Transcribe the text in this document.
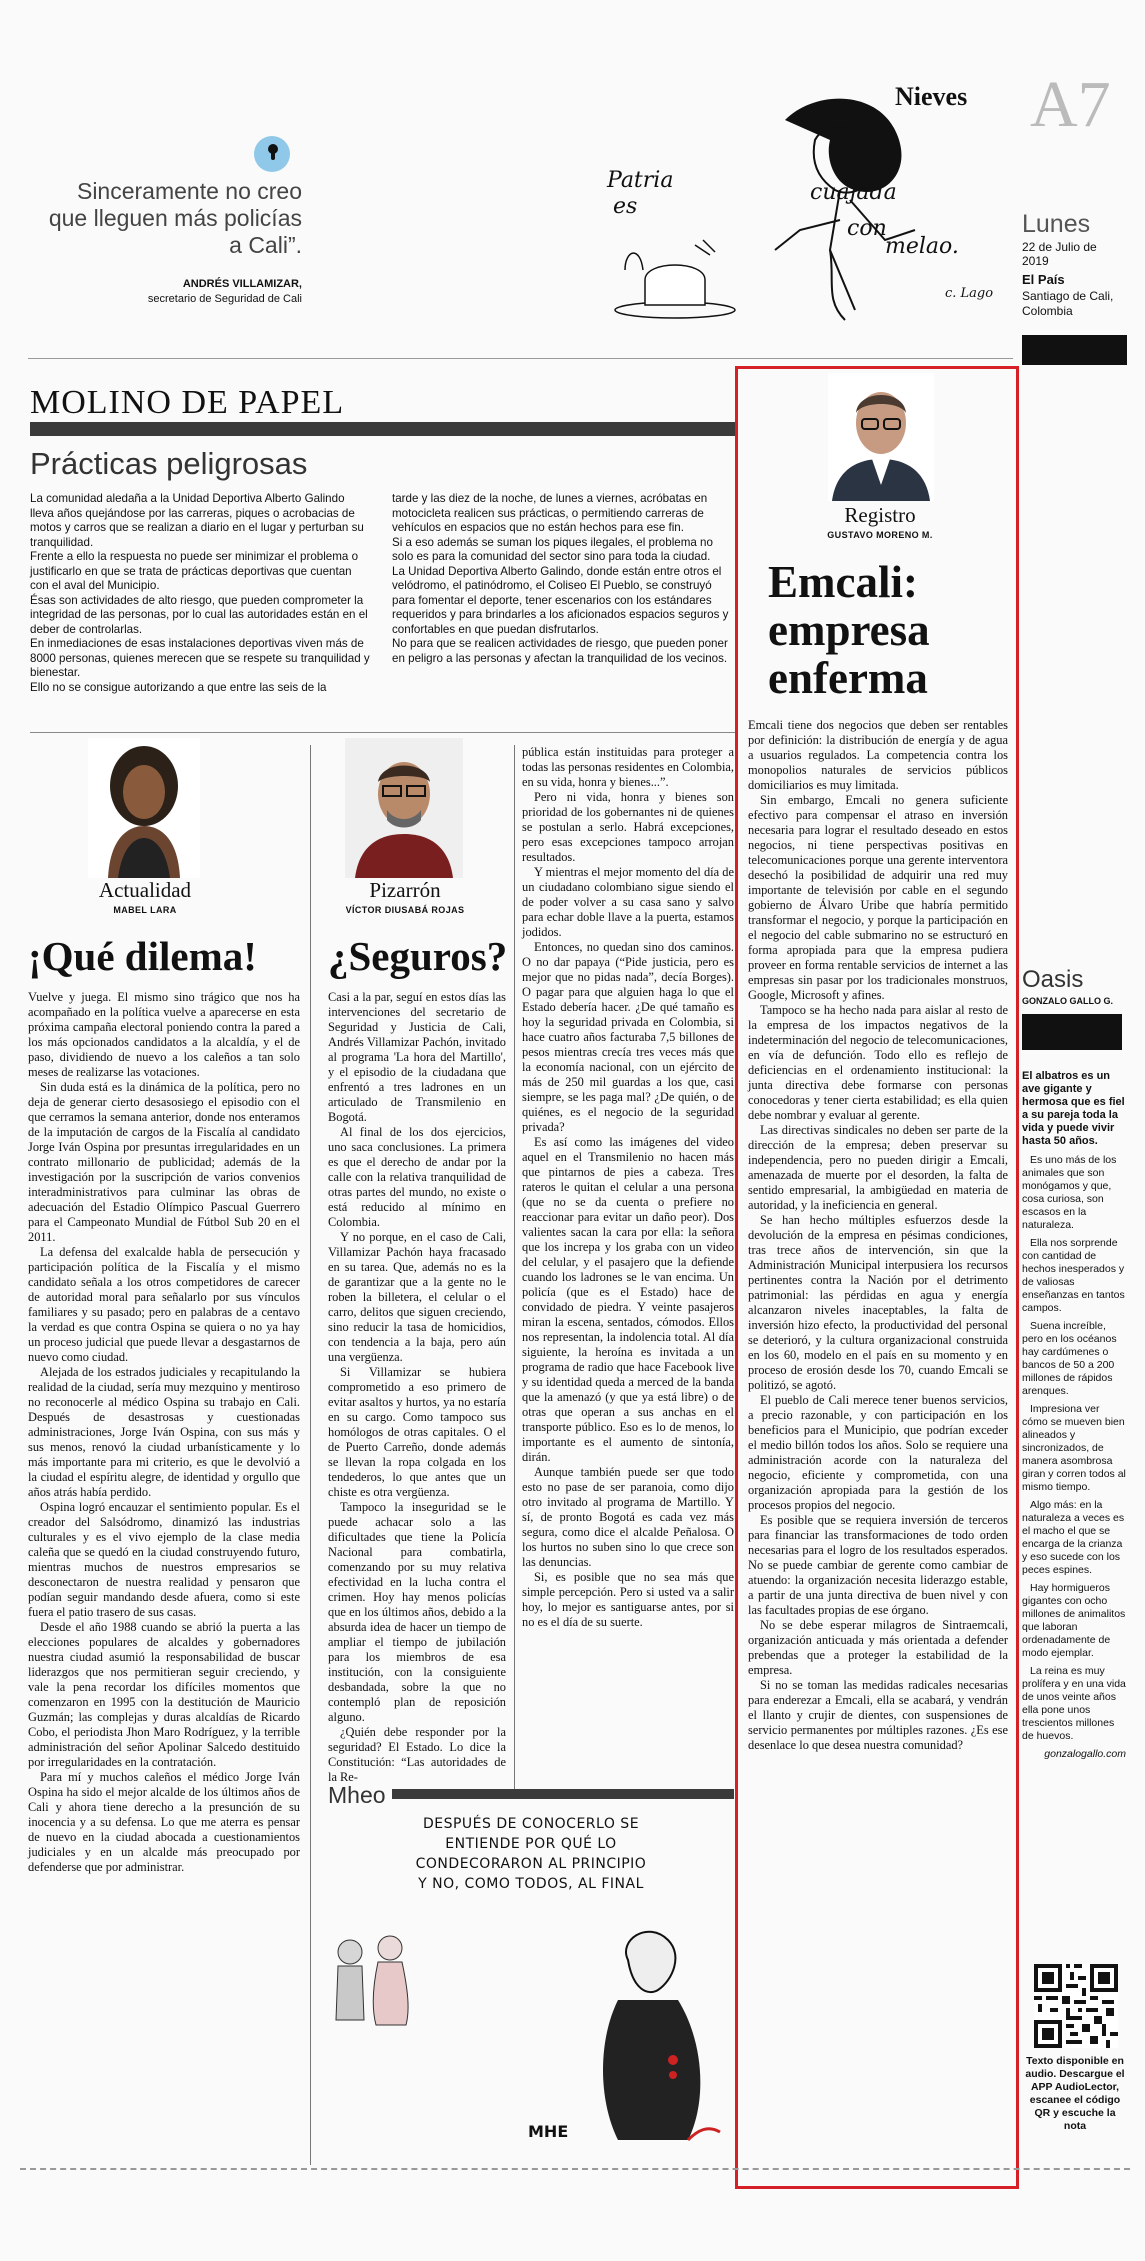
Sinceramente no creo que lleguen más policías a Cali”.
ANDRÉS VILLAMIZAR,
secretario de Seguridad de Cali
Patria
es
cuajada
con
melao.
c. Lago
Nieves A7
Lunes
22 de Julio de 2019
El País
Santiago de Cali, Colombia
MOLINO DE PAPEL
Prácticas peligrosas

La comunidad aledaña a la Unidad Deportiva Alberto Galindo lleva años quejándose por las carreras, piques o acrobacias de motos y carros que se realizan a diario en el lugar y perturban su tranquilidad.

Frente a ello la respuesta no puede ser minimizar el problema o justificarlo en que se trata de prácticas deportivas que cuentan con el aval del Municipio.

Ésas son actividades de alto riesgo, que pueden comprometer la integridad de las personas, por lo cual las autoridades están en el deber de controlarlas.

En inmediaciones de esas instalaciones deportivas viven más de 8000 personas, quienes merecen que se respete su tranquilidad y bienestar.

Ello no se consigue autorizando a que entre las seis de la

tarde y las diez de la noche, de lunes a viernes, acróbatas en motocicleta realicen sus prácticas, o permitiendo carreras de vehículos en espacios que no están hechos para ese fin.

Si a eso además se suman los piques ilegales, el problema no solo es para la comunidad del sector sino para toda la ciudad.

La Unidad Deportiva Alberto Galindo, donde están entre otros el velódromo, el patinódromo, el Coliseo El Pueblo, se construyó para fomentar el deporte, tener escenarios con los estándares requeridos y para brindarles a los aficionados espacios seguros y confortables en que puedan disfrutarlos.

No para que se realicen actividades de riesgo, que pueden poner en peligro a las personas y afectan la tranquilidad de los vecinos.

Actualidad
MABEL LARA
¡Qué dilema!

Vuelve y juega. El mismo sino trágico que nos ha acompañado en la política vuelve a aparecerse en esta próxima campaña electoral poniendo contra la pared a los más opcionados candidatos a la alcaldía, y el de paso, dividiendo de nuevo a los caleños a tan solo meses de realizarse las votaciones.

Sin duda está es la dinámica de la política, pero no deja de generar cierto desasosiego el episodio con el que cerramos la semana anterior, donde nos enteramos de la imputación de cargos de la Fiscalía al candidato Jorge Iván Ospina por presuntas irregularidades en un contrato millonario de publicidad; además de la investigación por la suscripción de varios convenios interadministrativos para culminar las obras de adecuación del Estadio Olímpico Pascual Guerrero para el Campeonato Mundial de Fútbol Sub 20 en el 2011.

La defensa del exalcalde habla de persecución y participación política de la Fiscalía y el mismo candidato señala a los otros competidores de carecer de autoridad moral para señalarlo por sus vínculos familiares y su pasado; pero en palabras de a centavo la verdad es que contra Ospina se quiera o no ya hay un proceso judicial que puede llevar a desgastarnos de nuevo como ciudad.

Alejada de los estrados judiciales y recapitulando la realidad de la ciudad, sería muy mezquino y mentiroso no reconocerle al médico Ospina su trabajo en Cali. Después de desastrosas y cuestionadas administraciones, Jorge Iván Ospina, con sus más y sus menos, renovó la ciudad urbanísticamente y lo más importante para mi criterio, es que le devolvió a la ciudad el espíritu alegre, de identidad y orgullo que años atrás había perdido.

Ospina logró encauzar el sentimiento popular. Es el creador del Salsódromo, dinamizó las industrias culturales y es el vivo ejemplo de la clase media caleña que se quedó en la ciudad construyendo futuro, mientras muchos de nuestros empresarios se desconectaron de nuestra realidad y pensaron que podían seguir mandando desde afuera, como si este fuera el patio trasero de sus casas.

Desde el año 1988 cuando se abrió la puerta a las elecciones populares de alcaldes y gobernadores nuestra ciudad asumió la responsabilidad de buscar liderazgos que nos permitieran seguir creciendo, y vale la pena recordar los difíciles momentos que comenzaron en 1995 con la destitución de Mauricio Guzmán; las complejas y duras alcaldías de Ricardo Cobo, el periodista Jhon Maro Rodríguez, y la terrible administración del señor Apolinar Salcedo destituido por irregularidades en la contratación.

Para mí y muchos caleños el médico Jorge Iván Ospina ha sido el mejor alcalde de los últimos años de Cali y ahora tiene derecho a la presunción de su inocencia y a su defensa. Lo que me aterra es pensar de nuevo en la ciudad abocada a cuestionamientos judiciales y en un alcalde más preocupado por defenderse que por administrar.

Pizarrón
VÍCTOR DIUSABÁ ROJAS
¿Seguros?

Casi a la par, seguí en estos días las intervenciones del secretario de Seguridad y Justicia de Cali, Andrés Villamizar Pachón, invitado al programa 'La hora del Martillo', y el episodio de la ciudadana que enfrentó a tres ladrones en un articulado de Transmilenio en Bogotá.

Al final de los dos ejercicios, uno saca conclusiones. La primera es que el derecho de andar por la calle con la relativa tranquilidad de otras partes del mundo, no existe o está reducido al mínimo en Colombia.

Y no porque, en el caso de Cali, Villamizar Pachón haya fracasado en su tarea. Que, además no es la de garantizar que a la gente no le roben la billetera, el celular o el carro, delitos que siguen creciendo, sino reducir la tasa de homicidios, con tendencia a la baja, pero aún una vergüenza.

Si Villamizar se hubiera comprometido a eso primero de evitar asaltos y hurtos, ya no estaría en su cargo. Como tampoco sus homólogos de otras capitales. O el de Puerto Carreño, donde además se llevan la ropa colgada en los tendederos, lo que antes que un chiste es otra vergüenza.

Tampoco la inseguridad se le puede achacar solo a las dificultades que tiene la Policía Nacional para combatirla, comenzando por su muy relativa efectividad en la lucha contra el crimen. Hoy hay menos policías que en los últimos años, debido a la absurda idea de hacer un tiempo de ampliar el tiempo de jubilación para los miembros de esa institución, con la consiguiente desbandada, sobre la que no contempló plan de reposición alguno.

¿Quién debe responder por la seguridad? El Estado. Lo dice la Constitución: “Las autoridades de la Re-

pública están instituidas para proteger a todas las personas residentes en Colombia, en su vida, honra y bienes...”.

Pero ni vida, honra y bienes son prioridad de los gobernantes ni de quienes se postulan a serlo. Habrá excepciones, pero esas excepciones tampoco arrojan resultados.

Y mientras el mejor momento del día de un ciudadano colombiano sigue siendo el de poder volver a su casa sano y salvo para echar doble llave a la puerta, estamos jodidos.

Entonces, no quedan sino dos caminos. O no dar papaya (“Pide justicia, pero es mejor que no pidas nada”, decía Borges). O pagar para que alguien haga lo que el Estado debería hacer. ¿De qué tamaño es hoy la seguridad privada en Colombia, si hace cuatro años facturaba 7,5 billones de pesos mientras crecía tres veces más que la economía nacional, con un ejército de más de 250 mil guardas a los que, casi siempre, se les paga mal? ¿De quién, o de quiénes, es el negocio de la seguridad privada?

Es así como las imágenes del video aquel en el Transmilenio no hacen más que pintarnos de pies a cabeza. Tres rateros le quitan el celular a una persona (que no se da cuenta o prefiere no reaccionar para evitar un daño peor). Dos valientes sacan la cara por ella: la señora que los increpa y los graba con un video del celular, y el pasajero que la defiende cuando los ladrones se le van encima. Un policía (que es el Estado) hace de convidado de piedra. Y veinte pasajeros miran la escena, sentados, cómodos. Ellos nos representan, la indolencia total. Al día siguiente, la heroína es invitada a un programa de radio que hace Facebook live y su identidad queda a merced de la banda que la amenazó (y que ya está libre) o de otras que operan a sus anchas en el transporte público. Eso es lo de menos, lo importante es el aumento de sintonía, dirán.

Aunque también puede ser que todo esto no pase de ser paranoia, como dijo otro invitado al programa de Martillo. Y sí, de pronto Bogotá es cada vez más segura, como dice el alcalde Peñalosa. O los hurtos no suben sino lo que crece son las denuncias.

Si, es posible que no sea más que simple percepción. Pero si usted va a salir hoy, lo mejor es santiguarse antes, por si no es el día de su suerte.

Mheo
DESPUÉS DE CONOCERLO SE
ENTIENDE POR QUÉ LO
CONDECORARON AL PRINCIPIO
Y NO, COMO TODOS, AL FINAL
MHE
Registro
GUSTAVO MORENO M.
Emcali:
empresa
enferma

Emcali tiene dos negocios que deben ser rentables por definición: la distribución de energía y de agua a usuarios regulados. La competencia contra los monopolios naturales de servicios públicos domiciliarios es muy limitada.

Sin embargo, Emcali no genera suficiente efectivo para compensar el atraso en inversión necesaria para lograr el resultado deseado en estos negocios, ni tiene perspectivas positivas en telecomunicaciones porque una gerente interventora desechó la posibilidad de adquirir una red muy importante de televisión por cable en el segundo gobierno de Álvaro Uribe que habría permitido transformar el negocio, y porque la participación en el negocio del cable submarino no se estructuró en forma apropiada para que la empresa pudiera proveer en forma rentable servicios de internet a las empresas sin pasar por los tradicionales monstruos, Google, Microsoft y afines.

Tampoco se ha hecho nada para aislar al resto de la empresa de los impactos negativos de la indeterminación del negocio de telecomunicaciones, en vía de defunción. Todo ello es reflejo de deficiencias en el ordenamiento institucional: la junta directiva debe formarse con personas conocedoras y tener cierta estabilidad; es ella quien debe nombrar y evaluar al gerente.

Las directivas sindicales no deben ser parte de la dirección de la empresa; deben preservar su independencia, pero no pueden dirigir a Emcali, amenazada de muerte por el desorden, la falta de sentido empresarial, la ambigüedad en materia de autoridad, y la ineficiencia en general.

Se han hecho múltiples esfuerzos desde la devolución de la empresa en pésimas condiciones, tras trece años de intervención, sin que la Administración Municipal interpusiera los recursos pertinentes contra la Nación por el detrimento patrimonial: las pérdidas en agua y energía alcanzaron niveles inaceptables, la falta de inversión hizo efecto, la productividad del personal se deterioró, y la cultura organizacional construida en los 60, modelo en el país en su momento y en proceso de erosión desde los 70, cuando Emcali se politizó, se agotó.

El pueblo de Cali merece tener buenos servicios, a precio razonable, y con participación en los beneficios para el Municipio, que podrían exceder el medio billón todos los años. Solo se requiere una administración acorde con la naturaleza del negocio, eficiente y comprometida, con una organización apropiada para la gestión de los procesos propios del negocio.

Es posible que se requiera inversión de terceros para financiar las transformaciones de todo orden necesarias para el logro de los resultados esperados. No se puede cambiar de gerente como cambiar de atuendo: la organización necesita liderazgo estable, a partir de una junta directiva de buen nivel y con las facultades propias de ese órgano.

No se debe esperar milagros de Sintraemcali, organización anticuada y más orientada a defender prebendas que a proteger la estabilidad de la empresa.

Si no se toman las medidas radicales necesarias para enderezar a Emcali, ella se acabará, y vendrán el llanto y crujir de dientes, con suspensiones de servicio permanentes por múltiples razones. ¿Es ese desenlace lo que desea nuestra comunidad?

Oasis
GONZALO GALLO G.

El albatros es un ave gigante y hermosa que es fiel a su pareja toda la vida y puede vivir hasta 50 años.

Es uno más de los animales que son monógamos y que, cosa curiosa, son escasos en la naturaleza.

Ella nos sorprende con cantidad de hechos inesperados y de valiosas enseñanzas en tantos campos.

Suena increíble, pero en los océanos hay cardúmenes o bancos de 50 a 200 millones de rápidos arenques.

Impresiona ver cómo se mueven bien alineados y sincronizados, de manera asombrosa giran y corren todos al mismo tiempo.

Algo más: en la naturaleza a veces es el macho el que se encarga de la crianza y eso sucede con los peces espines.

Hay hormigueros gigantes con ocho millones de animalitos que laboran ordenadamente de modo ejemplar.

La reina es muy prolífera y en una vida de unos veinte años ella pone unos trescientos millones de huevos.

gonzalogallo.com

Texto disponible en audio. Descargue el APP AudioLector, escanee el código QR y escuche la nota
